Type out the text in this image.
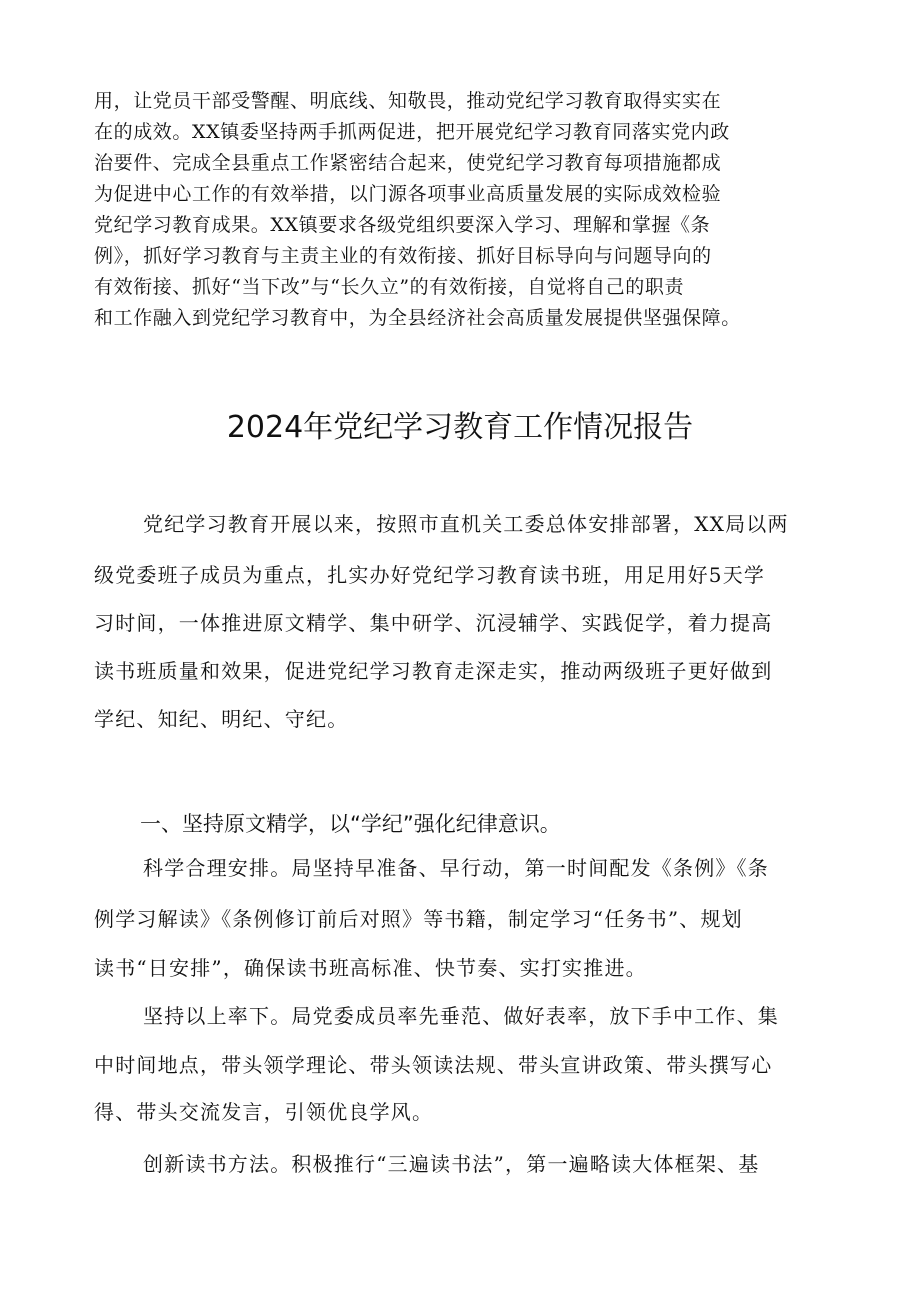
用，让党员干部受警醒、明底线、知敬畏，推动党纪学习教育取得实实在
在的成效。XX镇委坚持两手抓两促进，把开展党纪学习教育同落实党内政
治要件、完成全县重点工作紧密结合起来，使党纪学习教育每项措施都成
为促进中心工作的有效举措，以门源各项事业高质量发展的实际成效检验
党纪学习教育成果。XX镇要求各级党组织要深入学习、理解和掌握《条
例》，抓好学习教育与主责主业的有效衔接、抓好目标导向与问题导向的
有效衔接、抓好“当下改”与“长久立”的有效衔接，自觉将自己的职责
和工作融入到党纪学习教育中，为全县经济社会高质量发展提供坚强保障。
2024年党纪学习教育工作情况报告
党纪学习教育开展以来，按照市直机关工委总体安排部署，XX局以两
级党委班子成员为重点，扎实办好党纪学习教育读书班，用足用好5天学
习时间，一体推进原文精学、集中研学、沉浸辅学、实践促学，着力提高
读书班质量和效果，促进党纪学习教育走深走实，推动两级班子更好做到
学纪、知纪、明纪、守纪。
一、坚持原文精学，以“学纪”强化纪律意识。
科学合理安排。局坚持早准备、早行动，第一时间配发《条例》《条
例学习解读》《条例修订前后对照》等书籍，制定学习“任务书”、规划
读书“日安排”，确保读书班高标准、快节奏、实打实推进。
坚持以上率下。局党委成员率先垂范、做好表率，放下手中工作、集
中时间地点，带头领学理论、带头领读法规、带头宣讲政策、带头撰写心
得、带头交流发言，引领优良学风。
创新读书方法。积极推行“三遍读书法”，第一遍略读大体框架、基
